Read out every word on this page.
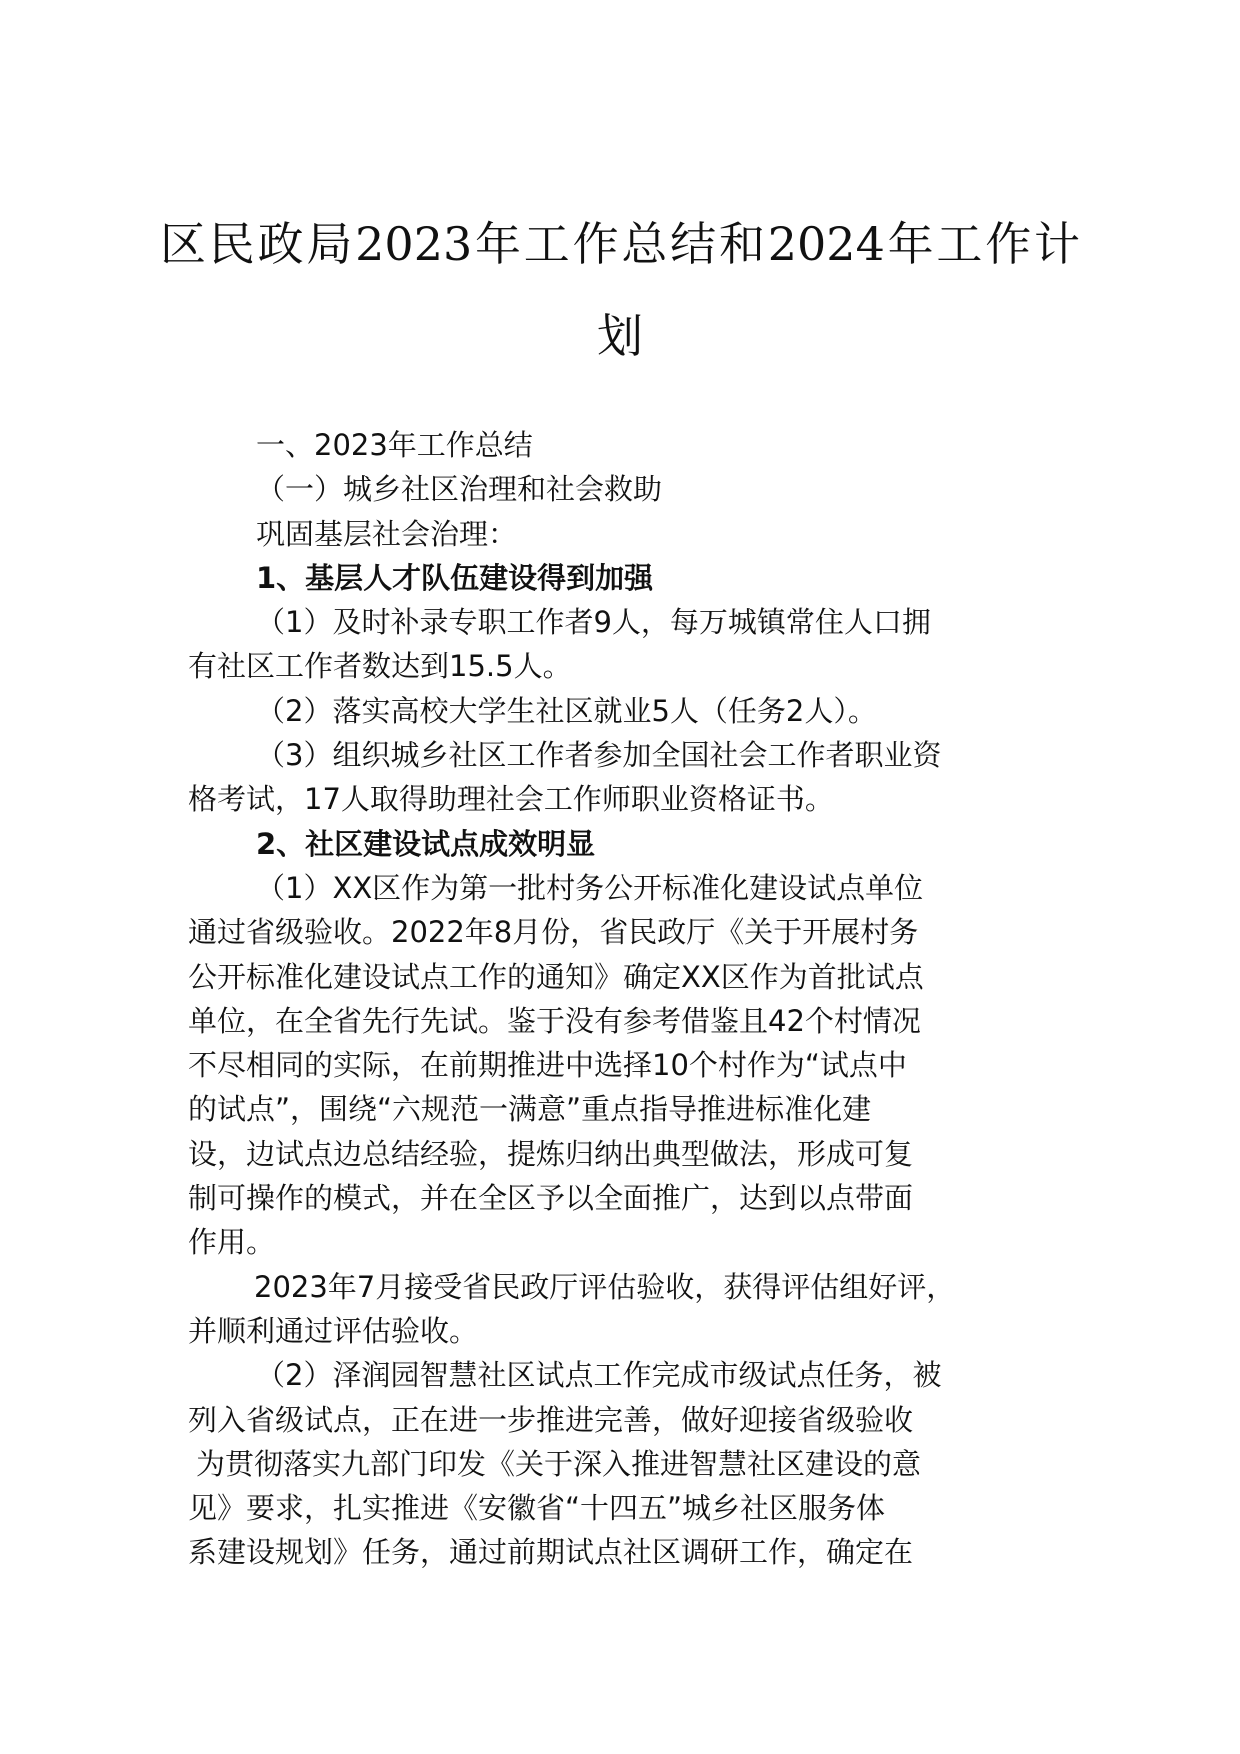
区民政局2023年工作总结和2024年工作计划

一、2023年工作总结

（一）城乡社区治理和社会救助

巩固基层社会治理：

1、基层人才队伍建设得到加强

（1）及时补录专职工作者9人，每万城镇常住人口拥

有社区工作者数达到15.5人。

（2）落实高校大学生社区就业5人（任务2人）。

（3）组织城乡社区工作者参加全国社会工作者职业资

格考试，17人取得助理社会工作师职业资格证书。

2、社区建设试点成效明显

（1）XX区作为第一批村务公开标准化建设试点单位

通过省级验收。2022年8月份，省民政厅《关于开展村务

公开标准化建设试点工作的通知》确定XX区作为首批试点

单位，在全省先行先试。鉴于没有参考借鉴且42个村情况

不尽相同的实际，在前期推进中选择10个村作为“试点中

的试点”，围绕“六规范一满意”重点指导推进标准化建

设，边试点边总结经验，提炼归纳出典型做法，形成可复

制可操作的模式，并在全区予以全面推广，达到以点带面

作用。

2023年7月接受省民政厅评估验收，获得评估组好评，

并顺利通过评估验收。

（2）泽润园智慧社区试点工作完成市级试点任务，被

列入省级试点，正在进一步推进完善，做好迎接省级验收

为贯彻落实九部门印发《关于深入推进智慧社区建设的意

见》要求，扎实推进《安徽省“十四五”城乡社区服务体

系建设规划》任务，通过前期试点社区调研工作，确定在
